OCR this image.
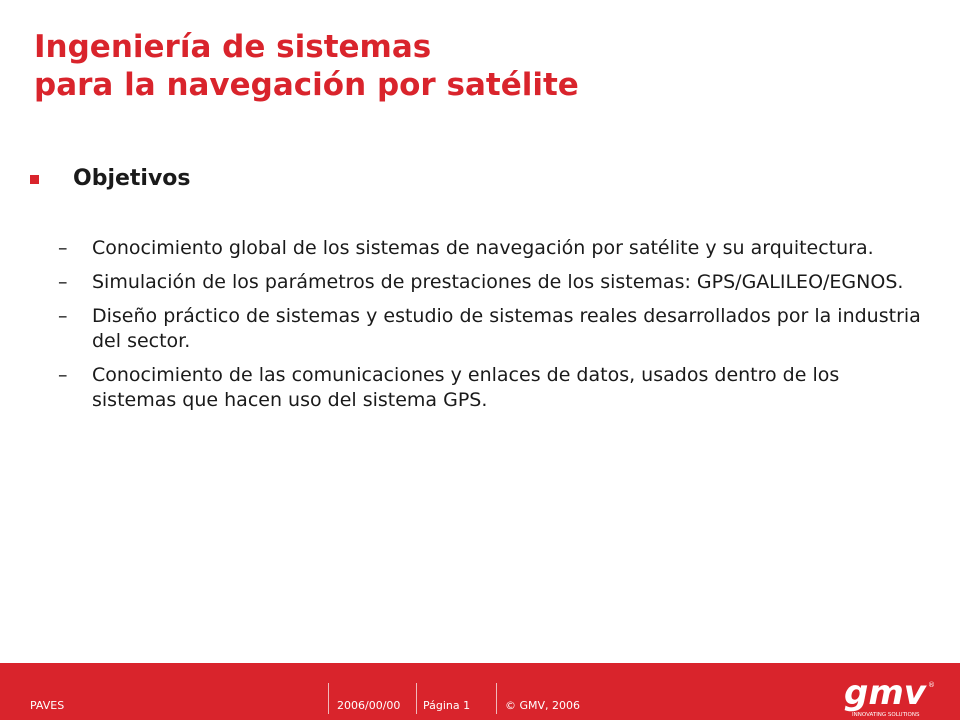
Ingeniería de sistemas
para la navegación por satélite
Objetivos
–	Conocimiento global de los sistemas de navegación por satélite y su arquitectura.
–	Simulación de los parámetros de prestaciones de los sistemas: GPS/GALILEO/EGNOS.
–	Diseño práctico de sistemas y estudio de sistemas reales desarrollados por la industria del sector.
–	Conocimiento de las comunicaciones y enlaces de datos, usados dentro de los sistemas que hacen uso del sistema GPS.
PAVES	2006/00/00 Página 1	© GMV, 2006	gmv ®
INNOVATING SOLUTIONS
